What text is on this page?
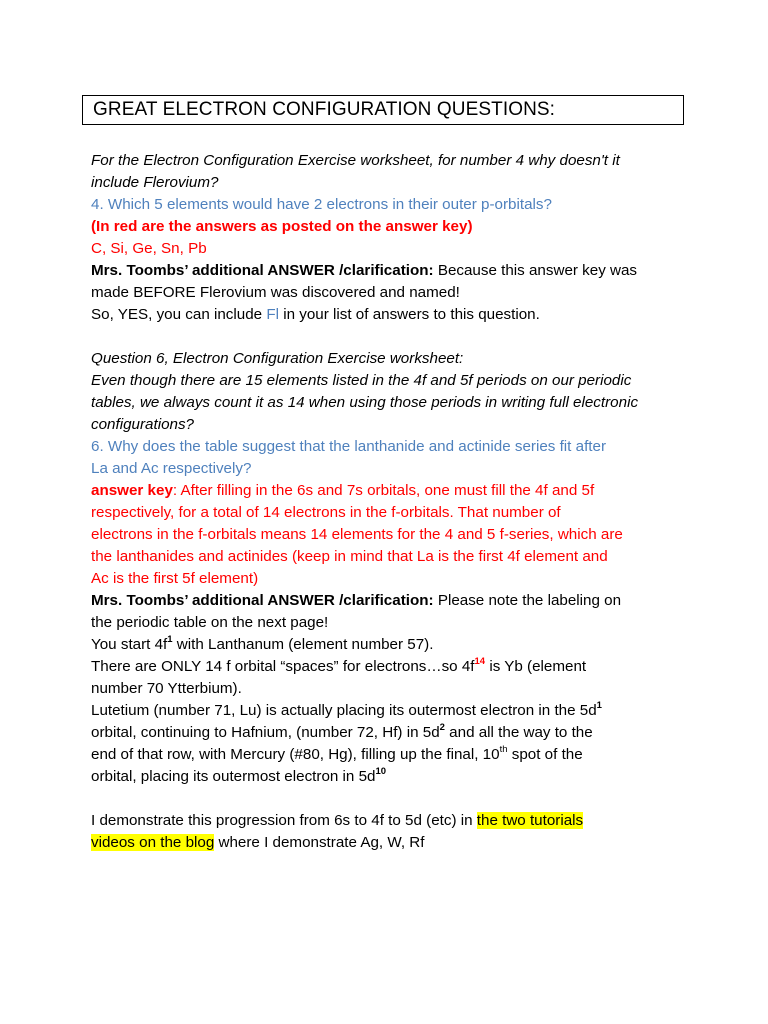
GREAT ELECTRON CONFIGURATION QUESTIONS:
For the Electron Configuration Exercise worksheet, for number 4 why doesn't it
include Flerovium?
4. Which 5 elements would have 2 electrons in their outer p-orbitals?
(In red are the answers as posted on the answer key)
C, Si, Ge, Sn, Pb
Mrs. Toombs’ additional ANSWER /clarification: Because this answer key was
made BEFORE Flerovium was discovered and named!
So, YES, you can include Fl in your list of answers to this question.
Question 6, Electron Configuration Exercise worksheet:
Even though there are 15 elements listed in the 4f and 5f periods on our periodic
tables, we always count it as 14 when using those periods in writing full electronic
configurations?
6. Why does the table suggest that the lanthanide and actinide series fit after
La and Ac respectively?
answer key: After filling in the 6s and 7s orbitals, one must fill the 4f and 5f
respectively, for a total of 14 electrons in the f-orbitals. That number of
electrons in the f-orbitals means 14 elements for the 4 and 5 f-series, which are
the lanthanides and actinides (keep in mind that La is the first 4f element and
Ac is the first 5f element)
Mrs. Toombs’ additional ANSWER /clarification: Please note the labeling on
the periodic table on the next page!
You start $4f^1$ with Lanthanum (element number 57).
There are ONLY 14 f orbital “spaces” for electrons…so $4f^{14}$ is Yb (element
number 70 Ytterbium).
Lutetium (number 71, Lu) is actually placing its outermost electron in the $5d^1$
orbital, continuing to Hafnium, (number 72, Hf) in $5d^2$ and all the way to the
end of that row, with Mercury (#80, Hg), filling up the final, 10th spot of the
orbital, placing its outermost electron in $5d^{10}$
I demonstrate this progression from 6s to 4f to 5d (etc) in the two tutorials
videos on the blog where I demonstrate Ag, W, Rf
